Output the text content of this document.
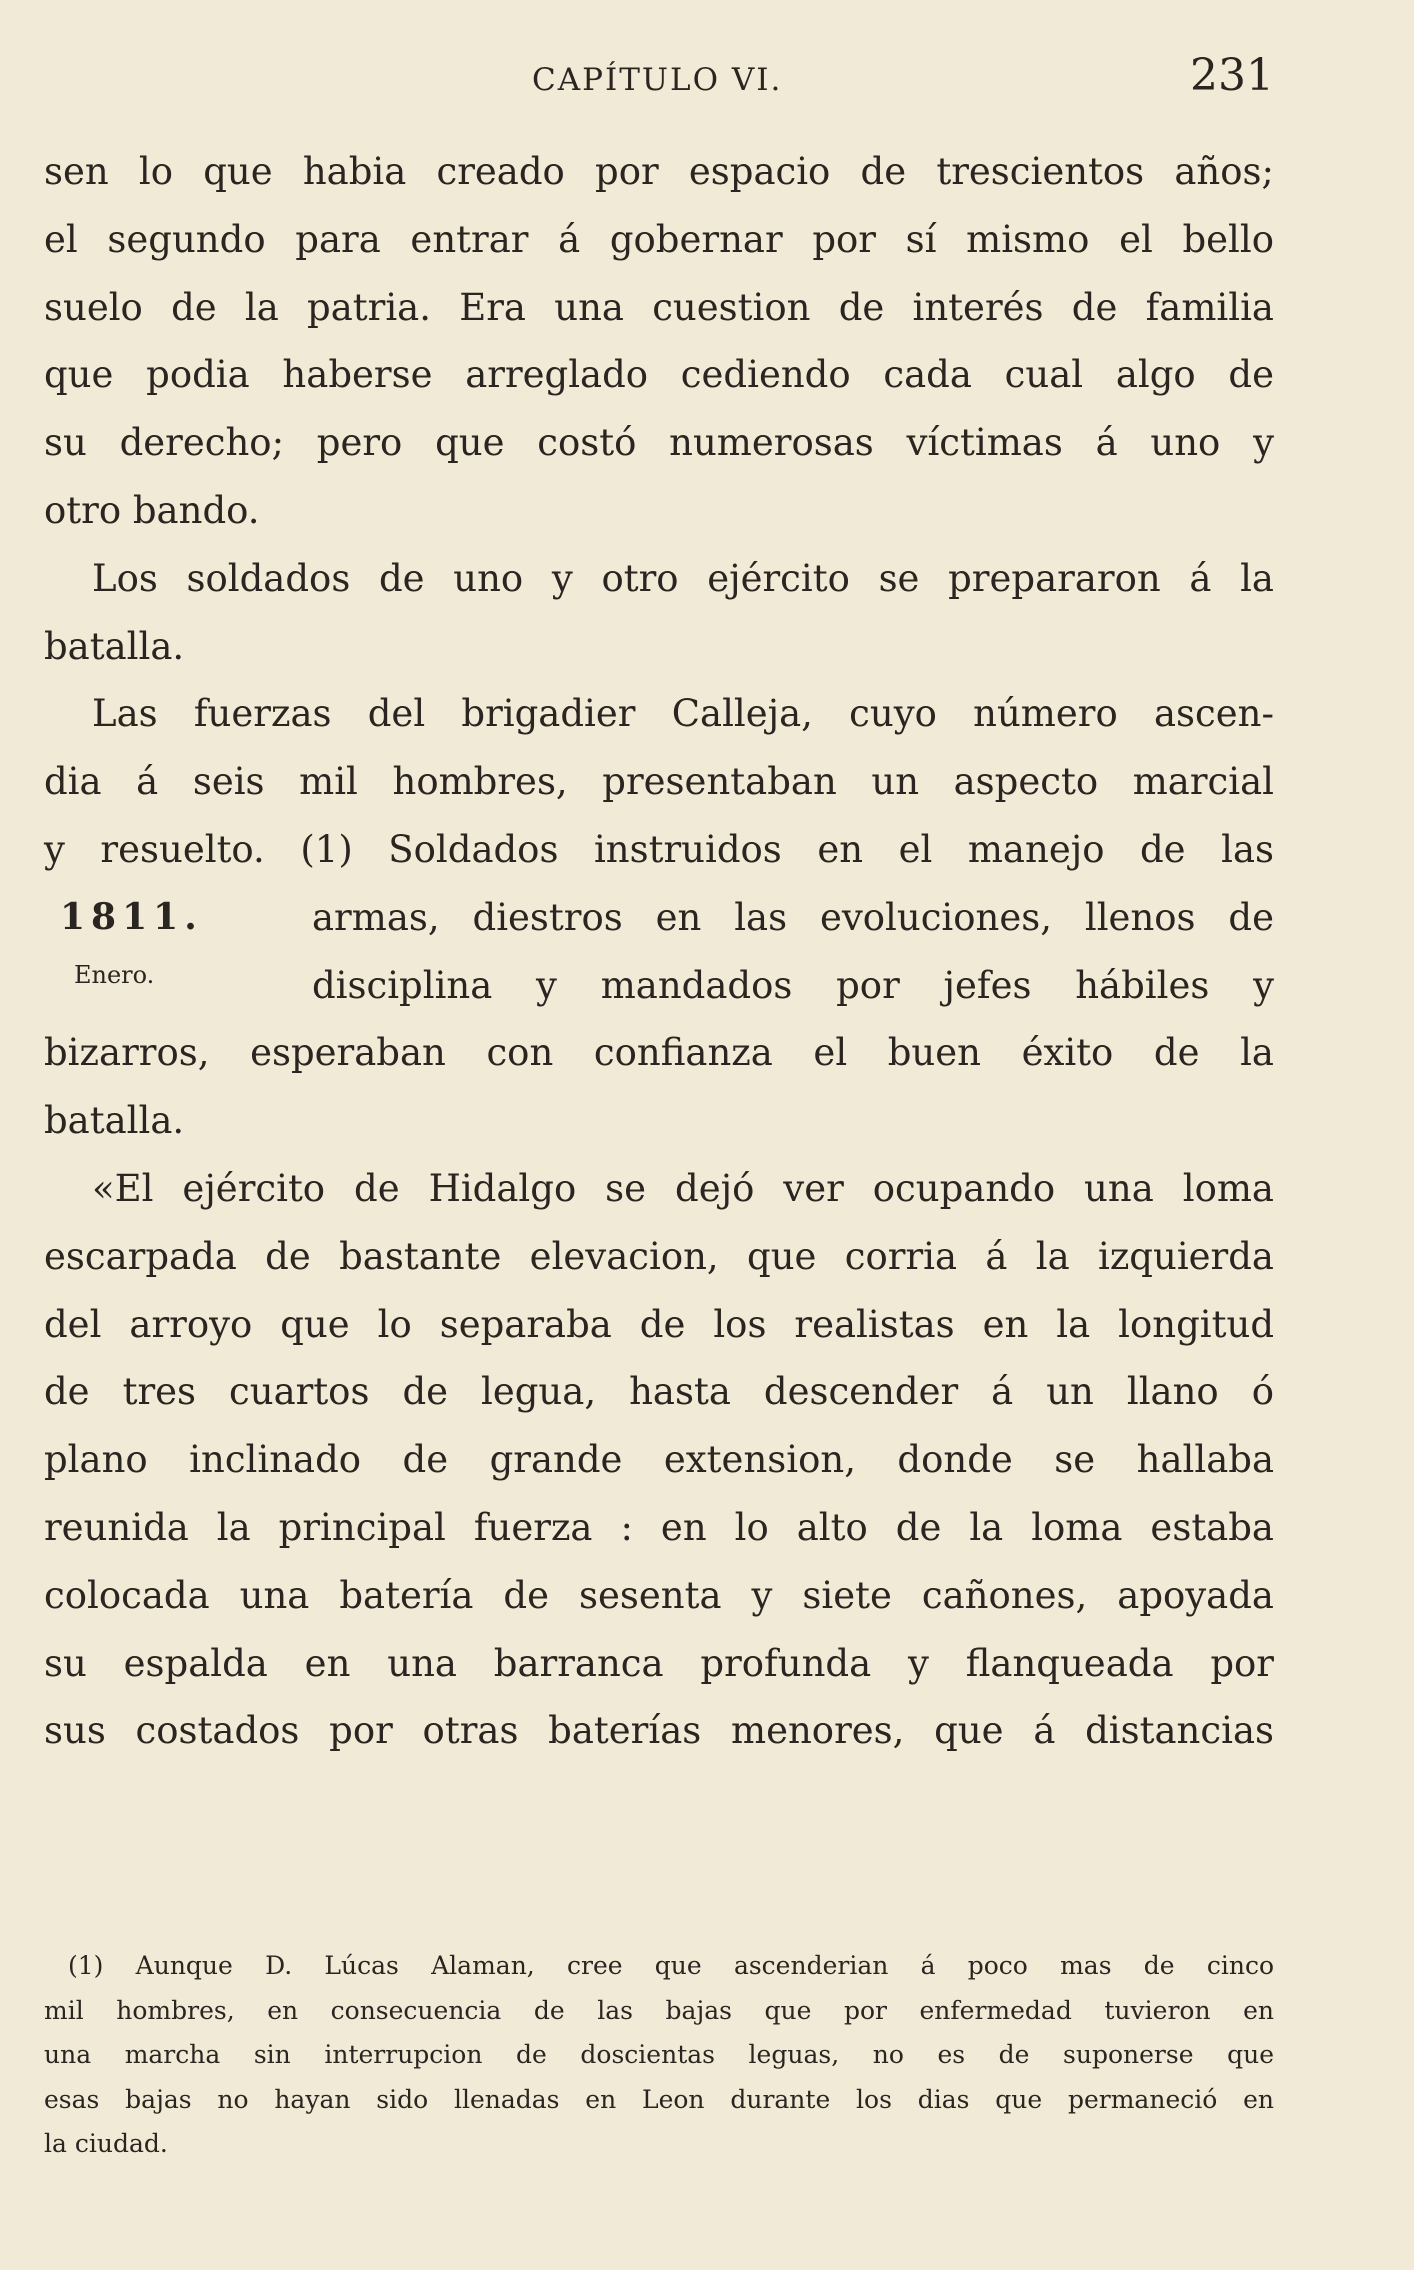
CAPÍTULO VI.	231
sen lo que habia creado por espacio de trescientos años;
el segundo para entrar á gobernar por sí mismo el bello
suelo de la patria. Era una cuestion de interés de familia
que podia haberse arreglado cediendo cada cual algo de
su derecho; pero que costó numerosas víctimas á uno y
otro bando.
Los soldados de uno y otro ejército se prepararon á la
batalla.
Las fuerzas del brigadier Calleja, cuyo número ascen-
dia á seis mil hombres, presentaban un aspecto marcial
y resuelto. (1) Soldados instruidos en el manejo de las
1811.	armas, diestros en las evoluciones, llenos de
Enero.	disciplina y mandados por jefes hábiles y
bizarros, esperaban con confianza el buen éxito de la
batalla.
«El ejército de Hidalgo se dejó ver ocupando una loma
escarpada de bastante elevacion, que corria á la izquierda
del arroyo que lo separaba de los realistas en la longitud
de tres cuartos de legua, hasta descender á un llano ó
plano inclinado de grande extension, donde se hallaba
reunida la principal fuerza : en lo alto de la loma estaba
colocada una batería de sesenta y siete cañones, apoyada
su espalda en una barranca profunda y flanqueada por
sus costados por otras baterías menores, que á distancias
(1) Aunque D. Lúcas Alaman, cree que ascenderian á poco mas de cinco
mil hombres, en consecuencia de las bajas que por enfermedad tuvieron en
una marcha sin interrupcion de doscientas leguas, no es de suponerse que
esas bajas no hayan sido llenadas en Leon durante los dias que permaneció en
la ciudad.
